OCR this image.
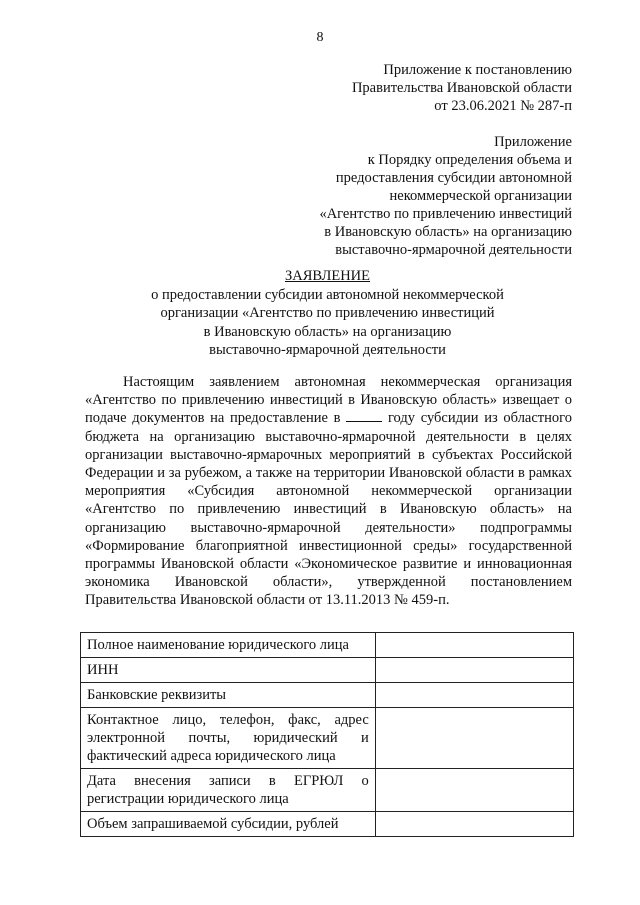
8
Приложение к постановлению
Правительства Ивановской области
от 23.06.2021 № 287-п
Приложение
к Порядку определения объема и
предоставления субсидии автономной
некоммерческой организации
«Агентство по привлечению инвестиций
в Ивановскую область» на организацию
выставочно-ярмарочной деятельности
ЗАЯВЛЕНИЕ
о предоставлении субсидии автономной некоммерческой
организации «Агентство по привлечению инвестиций
в Ивановскую область» на организацию
выставочно-ярмарочной деятельности

Настоящим заявлением автономная некоммерческая организация «Агентство по привлечению инвестиций в Ивановскую область» извещает о подаче документов на предоставление в	году субсидии из областного бюджета на организацию выставочно-ярмарочной деятельности в целях организации выставочно-ярмарочных мероприятий в субъектах Российской Федерации и за рубежом, а также на территории Ивановской области в рамках мероприятия «Субсидия автономной некоммерческой организации «Агентство по привлечению инвестиций в Ивановскую область» на организацию выставочно-ярмарочной деятельности» подпрограммы «Формирование благоприятной инвестиционной среды» государственной программы Ивановской области «Экономическое развитие и инновационная экономика Ивановской области», утвержденной постановлением Правительства Ивановской области от 13.11.2013 № 459-п.

Полное наименование юридического лица	
ИНН	
Банковские реквизиты	
Контактное лицо, телефон, факс, адрес электронной почты, юридический и фактический адреса юридического лица	
Дата внесения записи в ЕГРЮЛ о регистрации юридического лица	
Объем запрашиваемой субсидии, рублей	
